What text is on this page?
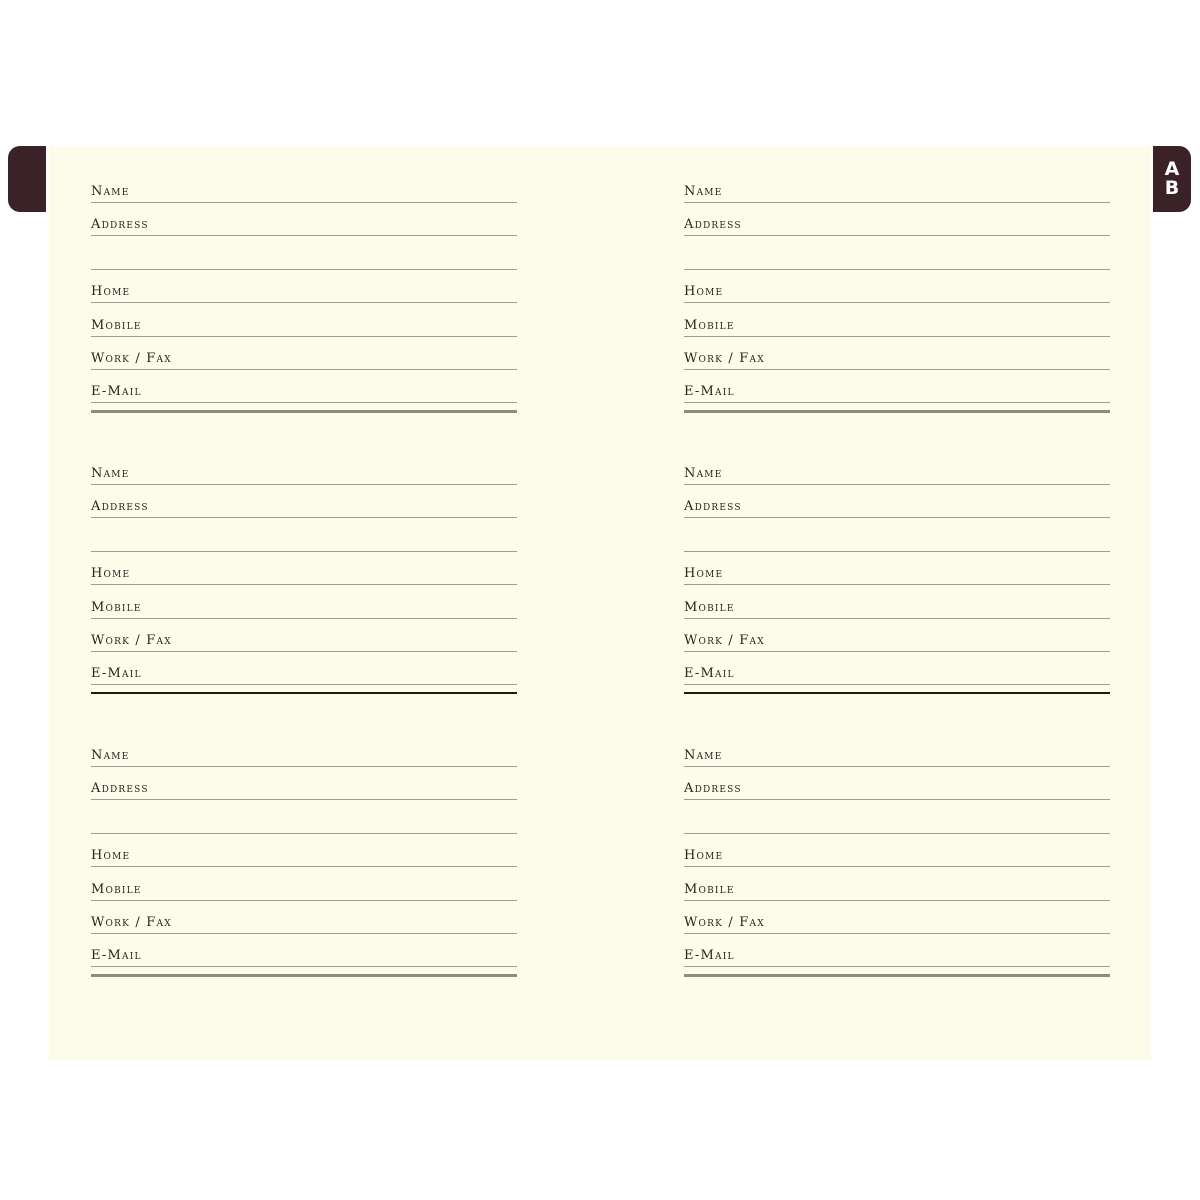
Name
Address
Home
Mobile
Work / Fax
E-Mail
Name
Address
Home
Mobile
Work / Fax
E-Mail
Name
Address
Home
Mobile
Work / Fax
E-Mail
Name
Address
Home
Mobile
Work / Fax
E-Mail
Name
Address
Home
Mobile
Work / Fax
E-Mail
Name
Address
Home
Mobile
Work / Fax
E-Mail
A
B
